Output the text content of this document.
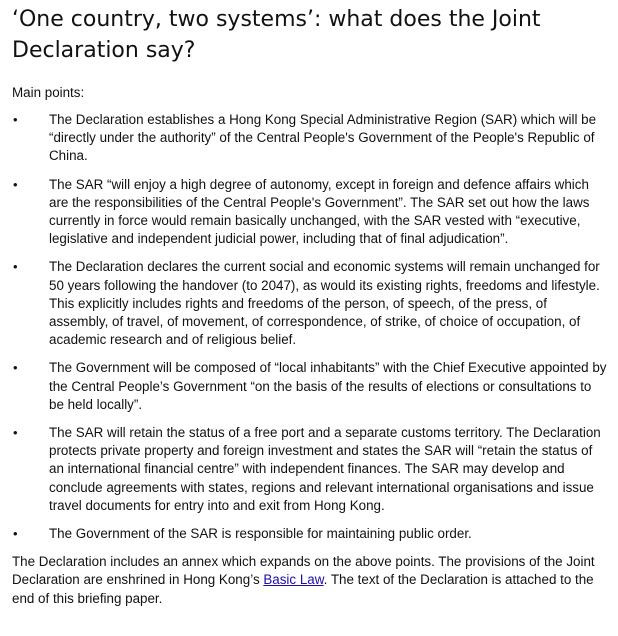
‘One country, two systems’: what does the Joint Declaration say?
Main points:
• The Declaration establishes a Hong Kong Special Administrative Region (SAR) which will be “directly under the authority” of the Central People's Government of the People's Republic of China.
• The SAR “will enjoy a high degree of autonomy, except in foreign and defence affairs which are the responsibilities of the Central People's Government”. The SAR set out how the laws currently in force would remain basically unchanged, with the SAR vested with “executive, legislative and independent judicial power, including that of final adjudication”.
• The Declaration declares the current social and economic systems will remain unchanged for 50 years following the handover (to 2047), as would its existing rights, freedoms and lifestyle. This explicitly includes rights and freedoms of the person, of speech, of the press, of assembly, of travel, of movement, of correspondence, of strike, of choice of occupation, of academic research and of religious belief.
• The Government will be composed of “local inhabitants” with the Chief Executive appointed by the Central People’s Government “on the basis of the results of elections or consultations to be held locally”.
• The SAR will retain the status of a free port and a separate customs territory. The Declaration protects private property and foreign investment and states the SAR will “retain the status of an international financial centre” with independent finances. The SAR may develop and conclude agreements with states, regions and relevant international organisations and issue travel documents for entry into and exit from Hong Kong.
• The Government of the SAR is responsible for maintaining public order.

The Declaration includes an annex which expands on the above points. The provisions of the Joint Declaration are enshrined in Hong Kong’s Basic Law. The text of the Declaration is attached to the end of this briefing paper.
